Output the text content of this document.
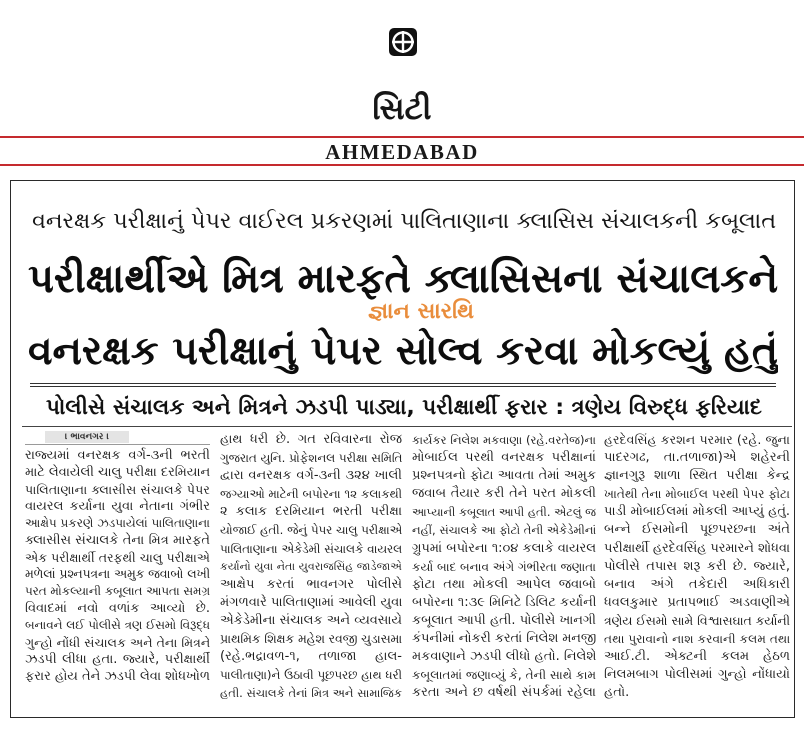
સિટી
AHMEDABAD
વનરક્ષક પરીક્ષાનું પેપર વાઈરલ પ્રકરણમાં પાલિતાણાના ક્લાસિસ સંચાલકની કબૂલાત
પરીક્ષાર્થીએ મિત્ર મારફતે ક્લાસિસના સંચાલકને
જ્ઞાન સારથિ
વનરક્ષક પરીક્ષાનું પેપર સોલ્વ કરવા મોકલ્યું હતું
પોલીસે સંચાલક અને મિત્રને ઝડપી પાડ્યા, પરીક્ષાર્થી ફરાર : ત્રણેય વિરુદ્ધ ફરિયાદ
। ભાવનગર ।
રાજ્યમાં વનરક્ષક વર્ગ-૩ની ભરતી
માટે લેવાયેલી ચાલુ પરીક્ષા દરમિયાન
પાલિતાણાના ક્લાસીસ સંચાલકે પેપર
વાયરલ કર્યાના યુવા નેતાના ગંભીર
આક્ષેપ પ્રકરણે ઝડપાયેલાં પાલિતાણાના
ક્લાસીસ સંચાલકે તેના મિત્ર મારફતે
એક પરીક્ષાર્થી તરફથી ચાલુ પરીક્ષાએ
મળેલાં પ્રશ્નપત્રના અમુક જવાબો લખી
પરત મોકલ્યાની કબૂલાત આપતા સમગ્ર
વિવાદમાં નવો વળાંક આવ્યો છે.
બનાવને લઈ પોલીસે ત્રણ ઈસમો વિરૂદ્ધ
ગુન્હો નોંધી સંચાલક અને તેના મિત્રને
ઝડપી લીધા હતા. જ્યારે, પરીક્ષાર્થી
ફરાર હોય તેને ઝડપી લેવા શોધખોળ
હાથ ધરી છે. ગત રવિવારના રોજ
ગુજરાત યુનિ. પ્રોફેશનલ પરીક્ષા સમિતિ
દ્વારા વનરક્ષક વર્ગ-૩ની ૩૨૪ ખાલી
જગ્યાઓ માટેની બપોરના ૧૨ કલાકથી
૨ કલાક દરમિયાન ભરતી પરીક્ષા
યોજાઈ હતી. જેનું પેપર ચાલુ પરીક્ષાએ
પાલિતાણાના એકેડેમી સંચાલકે વાયરલ
કર્યાનો યુવા નેતા યુવરાજસિંહ જાડેજાએ
આક્ષેપ કરતાં ભાવનગર પોલીસે
મંગળવારે પાલિતાણામાં આવેલી યુવા
એકેડેમીના સંચાલક અને વ્યવસાયે
પ્રાથમિક શિક્ષક મહેશ રવજી ચુડાસમા
(રહે.ભદ્રાવળ-૧, તળાજા હાલ-
પાલીતાણા)ને ઉઠાવી પૂછપરછ હાથ ધરી
હતી. સંચાલકે તેનાં મિત્ર અને સામાજિક
કાર્યકર નિલેશ મકવાણા (રહે.વરતેજ)ના
મોબાઈલ પરથી વનરક્ષક પરીક્ષાનાં
પ્રશ્નપત્રનો ફોટા આવતા તેમાં અમુક
જવાબ તૈયાર કરી તેને પરત મોકલી
આપ્યાની કબૂલાત આપી હતી. એટલું જ
નહીં, સંચાલકે આ ફોટો તેની એકેડેમીનાં
ગ્રુપમાં બપોરના ૧:૦૪ કલાકે વાયરલ
કર્યા બાદ બનાવ અંગે ગંભીરતા જણાતા
ફોટા તથા મોકલી આપેલ જવાબો
બપોરના ૧:૩૯ મિનિટે ડિલિટ કર્યાની
કબૂલાત આપી હતી. પોલીસે ખાનગી
કંપનીમાં નોકરી કરતાં નિલેશ મનજી
મકવાણાને ઝડપી લીધો હતો. નિલેશે
કબૂલાતમાં જણાવ્યું કે, તેની સાથે કામ
કરતા અને છ વર્ષથી સંપર્કમાં રહેલા
હરદેવસિંહ કરશન પરમાર (રહે. જુના
પાદરગઢ, તા.તળાજા)એ શહેરની
જ્ઞાનગુરૂ શાળા સ્થિત પરીક્ષા કેન્દ્ર
ખાતેથી તેના મોબાઈલ પરથી પેપર ફોટા
પાડી મોબાઈલમાં મોકલી આપ્યું હતું.
બન્ને ઈસમોની પૂછપરછના અંતે
પરીક્ષાર્થી હરદેવસિંહ પરમારને શોધવા
પોલીસે તપાસ શરૂ કરી છે. જ્યારે,
બનાવ અંગે તકેદારી અધિકારી
ધવલકુમાર પ્રતાપભાઈ અડવાણીએ
ત્રણેય ઈસમો સામે વિશ્વાસઘાત કર્યાની
તથા પુરાવાનો નાશ કરવાની કલમ તથા
આઈ.ટી. એક્ટની કલમ હેઠળ
નિલમબાગ પોલીસમાં ગુન્હો નોંધાયો
હતો.
